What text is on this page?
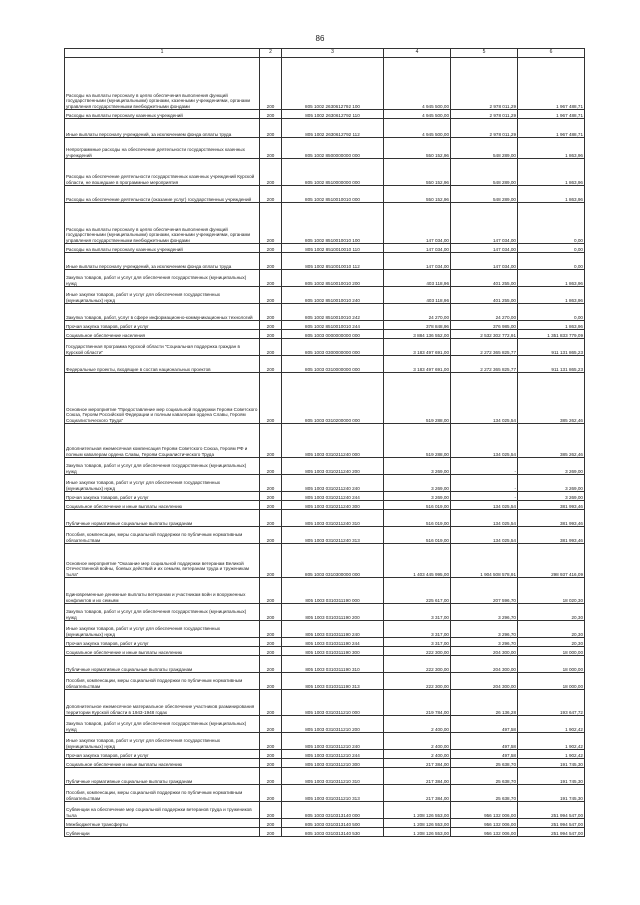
86
1	2	3	4	5	6
Расходы на выплаты персоналу в целях обеспечения выполнения функций государственными (муниципальными) органами, казенными учреждениями, органами управления государственными внебюджетными фондами	200	805 1002 2630612792 100	4 945 500,00	2 978 011,29	1 967 488,71
Расходы на выплаты персоналу казенных учреждений	200	805 1002 2630612792 110	4 945 500,00	2 978 011,29	1 967 488,71
Иные выплаты персоналу учреждений, за исключением фонда оплаты труда	200	805 1002 2630612792 112	4 945 500,00	2 978 011,29	1 967 488,71
Непрограммные расходы на обеспечение деятельности государственных казенных учреждений	200	805 1002 8500000000 000	550 152,96	548 289,00	1 863,96
Расходы на обеспечение деятельности государственных казенных учреждений Курской области, не вошедшие в программные мероприятия	200	805 1002 8510000000 000	550 152,96	548 289,00	1 863,96
Расходы на обеспечение деятельности (оказание услуг) государственных учреждений	200	805 1002 8510010010 000	550 152,96	548 289,00	1 863,96
Расходы на выплаты персоналу в целях обеспечения выполнения функций государственными (муниципальными) органами, казенными учреждениями, органами управления государственными внебюджетными фондами	200	805 1002 8510010010 100	147 034,00	147 034,00	0,00
Расходы на выплаты персоналу казенных учреждений	200	805 1002 8510010010 110	147 034,00	147 034,00	0,00
Иные выплаты персоналу учреждений, за исключением фонда оплаты труда	200	805 1002 8510010010 112	147 034,00	147 034,00	0,00
Закупка товаров, работ и услуг для обеспечения государственных (муниципальных) нужд	200	805 1002 8510010010 200	403 118,96	401 255,00	1 863,96
Иные закупки товаров, работ и услуг для обеспечения государственных (муниципальных) нужд	200	805 1002 8510010010 240	403 118,96	401 255,00	1 863,96
Закупка товаров, работ, услуг в сфере информационно-коммуникационных технологий	200	805 1002 8510010010 242	24 270,00	24 270,00	0,00
Прочая закупка товаров, работ и услуг	200	805 1002 8510010010 244	378 848,96	376 985,00	1 863,96
Социальное обеспечение населения	200	805 1003 0000000000 000	3 884 136 552,00	2 532 302 772,91	1 351 833 779,09
Государственная программа Курской области "Социальная поддержка граждан в Курской области"	200	805 1003 0300000000 000	3 183 497 691,00	2 272 365 825,77	911 131 865,23
Федеральные проекты, входящие в состав национальных проектов	200	805 1003 0310000000 000	3 183 497 691,00	2 272 365 825,77	911 131 865,23
Основное мероприятие "Предоставление мер социальной поддержки Героям Советского Союза, Героям Российской Федерации и полным кавалерам ордена Славы, Героям Социалистического Труда"	200	805 1003 0310200000 000	519 288,00	134 025,54	385 262,46
Дополнительная ежемесячная компенсация Героям Советского Союза, Героям РФ и полным кавалерам ордена Славы, Героям Социалистического Труда	200	805 1003 0310211240 000	519 288,00	134 025,54	385 262,46
Закупка товаров, работ и услуг для обеспечения государственных (муниципальных) нужд	200	805 1003 0310211240 200	3 269,00	-	3 269,00
Иные закупки товаров, работ и услуг для обеспечения государственных (муниципальных) нужд	200	805 1003 0310211240 240	3 269,00	-	3 269,00
Прочая закупка товаров, работ и услуг	200	805 1003 0310211240 244	3 269,00	-	3 269,00
Социальное обеспечение и иные выплаты населению	200	805 1003 0310211240 300	516 019,00	134 025,54	381 993,46
Публичные нормативные социальные выплаты гражданам	200	805 1003 0310211240 310	516 019,00	134 025,54	381 993,46
Пособия, компенсации, меры социальной поддержки по публичным нормативным обязательствам	200	805 1003 0310211240 313	516 019,00	134 025,54	381 993,46
Основное мероприятие "Оказание мер социальной поддержки ветеранам Великой Отечественной войны, боевых действий и их семьям, ветеранам труда и труженикам тыла"	200	805 1003 0310300000 000	1 403 445 995,00	1 904 508 578,91	298 937 416,09
Единовременные денежные выплаты ветеранам и участникам войн и вооруженных конфликтов и их семьям	200	805 1003 0310311190 000	225 617,00	207 596,70	18 020,30
Закупка товаров, работ и услуг для обеспечения государственных (муниципальных) нужд	200	805 1003 0310311190 200	3 317,00	3 296,70	20,30
Иные закупки товаров, работ и услуг для обеспечения государственных (муниципальных) нужд	200	805 1003 0310311190 240	3 317,00	3 296,70	20,30
Прочая закупка товаров, работ и услуг	200	805 1003 0310311190 244	3 317,00	3 296,70	20,30
Социальное обеспечение и иные выплаты населению	200	805 1003 0310311190 300	222 300,00	204 300,00	18 000,00
Публичные нормативные социальные выплаты гражданам	200	805 1003 0310311190 310	222 300,00	204 300,00	18 000,00
Пособия, компенсации, меры социальной поддержки по публичным нормативным обязательствам	200	805 1003 0310311190 313	222 300,00	204 300,00	18 000,00
Дополнительное ежемесячное материальное обеспечение участников разминирования территории Курской области в 1943-1948 годах	200	805 1003 0310311210 000	219 784,00	26 136,28	193 647,72
Закупка товаров, работ и услуг для обеспечения государственных (муниципальных) нужд	200	805 1003 0310311210 200	2 400,00	497,58	1 902,42
Иные закупки товаров, работ и услуг для обеспечения государственных (муниципальных) нужд	200	805 1003 0310311210 240	2 400,00	497,58	1 902,42
Прочая закупка товаров, работ и услуг	200	805 1003 0310311210 244	2 400,00	497,58	1 902,42
Социальное обеспечение и иные выплаты населению	200	805 1003 0310311210 300	217 384,00	25 638,70	191 745,30
Публичные нормативные социальные выплаты гражданам	200	805 1003 0310311210 310	217 384,00	25 638,70	191 745,30
Пособия, компенсации, меры социальной поддержки по публичным нормативным обязательствам	200	805 1003 0310311210 313	217 384,00	25 638,70	191 745,30
Субвенции на обеспечение мер социальной поддержки ветеранов труда и тружеников тыла	200	805 1003 0310313140 000	1 208 126 553,00	956 132 006,00	251 994 547,00
Межбюджетные трансферты	200	805 1003 0310313140 500	1 208 126 553,00	956 132 006,00	251 994 547,00
Субвенции	200	805 1003 0310313140 530	1 208 126 553,00	956 132 006,00	251 994 547,00
